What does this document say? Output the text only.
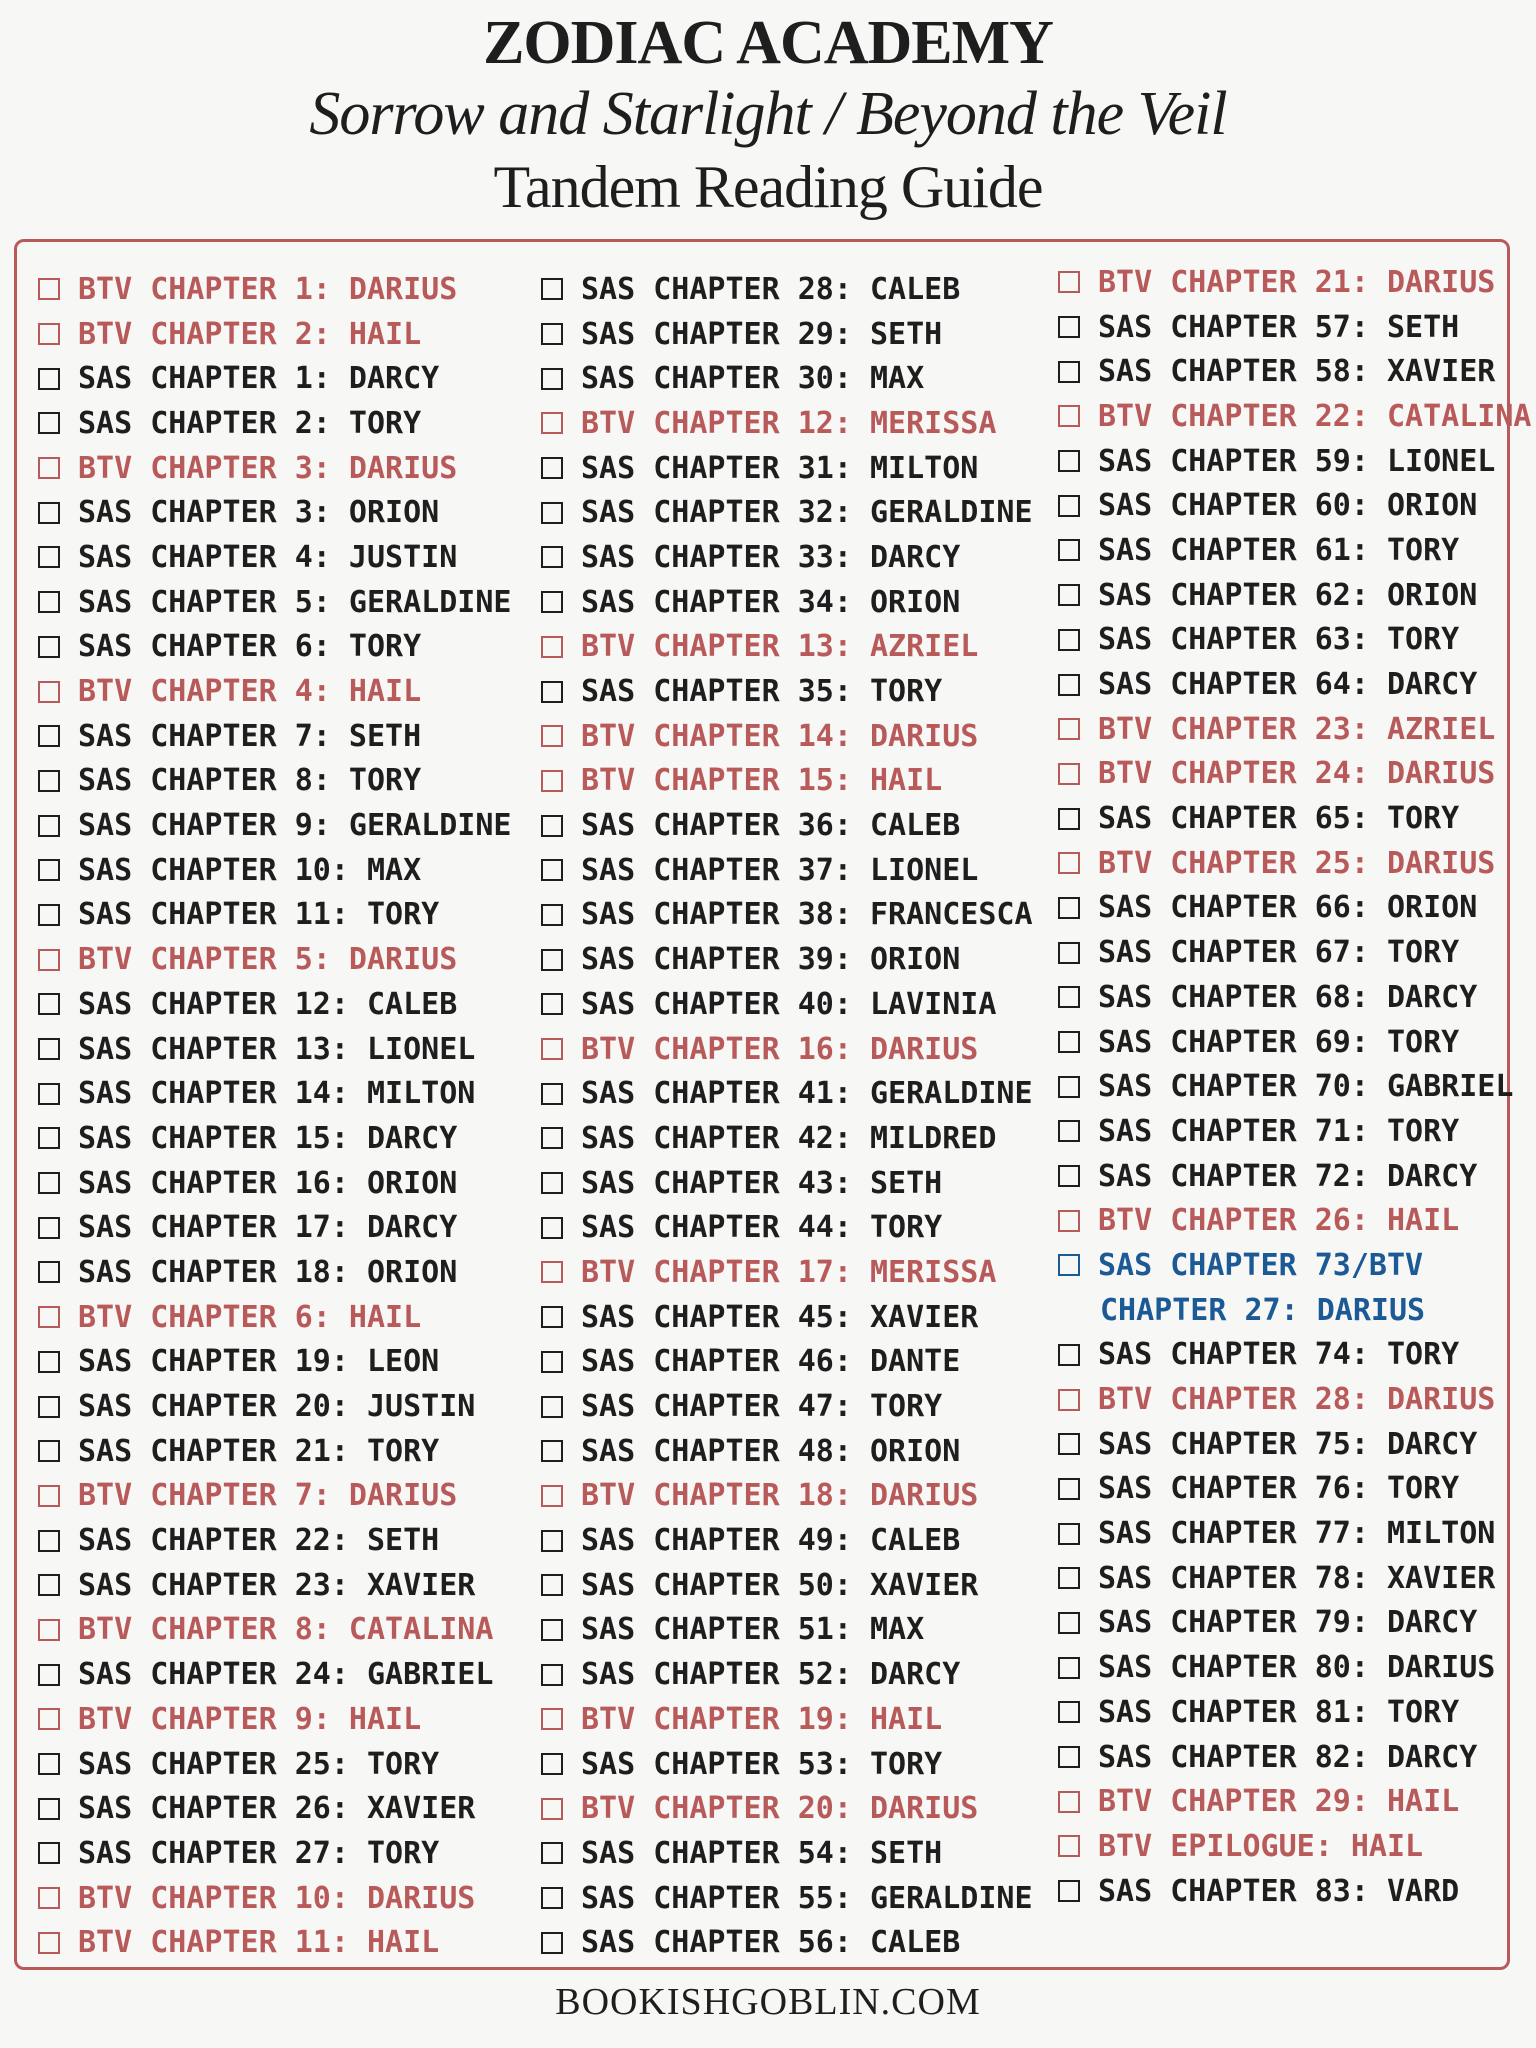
ZODIAC ACADEMY
Sorrow and Starlight / Beyond the Veil
Tandem Reading Guide
BTV CHAPTER 1: DARIUS
BTV CHAPTER 2: HAIL
SAS CHAPTER 1: DARCY
SAS CHAPTER 2: TORY
BTV CHAPTER 3: DARIUS
SAS CHAPTER 3: ORION
SAS CHAPTER 4: JUSTIN
SAS CHAPTER 5: GERALDINE
SAS CHAPTER 6: TORY
BTV CHAPTER 4: HAIL
SAS CHAPTER 7: SETH
SAS CHAPTER 8: TORY
SAS CHAPTER 9: GERALDINE
SAS CHAPTER 10: MAX
SAS CHAPTER 11: TORY
BTV CHAPTER 5: DARIUS
SAS CHAPTER 12: CALEB
SAS CHAPTER 13: LIONEL
SAS CHAPTER 14: MILTON
SAS CHAPTER 15: DARCY
SAS CHAPTER 16: ORION
SAS CHAPTER 17: DARCY
SAS CHAPTER 18: ORION
BTV CHAPTER 6: HAIL
SAS CHAPTER 19: LEON
SAS CHAPTER 20: JUSTIN
SAS CHAPTER 21: TORY
BTV CHAPTER 7: DARIUS
SAS CHAPTER 22: SETH
SAS CHAPTER 23: XAVIER
BTV CHAPTER 8: CATALINA
SAS CHAPTER 24: GABRIEL
BTV CHAPTER 9: HAIL
SAS CHAPTER 25: TORY
SAS CHAPTER 26: XAVIER
SAS CHAPTER 27: TORY
BTV CHAPTER 10: DARIUS
BTV CHAPTER 11: HAIL
SAS CHAPTER 28: CALEB
SAS CHAPTER 29: SETH
SAS CHAPTER 30: MAX
BTV CHAPTER 12: MERISSA
SAS CHAPTER 31: MILTON
SAS CHAPTER 32: GERALDINE
SAS CHAPTER 33: DARCY
SAS CHAPTER 34: ORION
BTV CHAPTER 13: AZRIEL
SAS CHAPTER 35: TORY
BTV CHAPTER 14: DARIUS
BTV CHAPTER 15: HAIL
SAS CHAPTER 36: CALEB
SAS CHAPTER 37: LIONEL
SAS CHAPTER 38: FRANCESCA
SAS CHAPTER 39: ORION
SAS CHAPTER 40: LAVINIA
BTV CHAPTER 16: DARIUS
SAS CHAPTER 41: GERALDINE
SAS CHAPTER 42: MILDRED
SAS CHAPTER 43: SETH
SAS CHAPTER 44: TORY
BTV CHAPTER 17: MERISSA
SAS CHAPTER 45: XAVIER
SAS CHAPTER 46: DANTE
SAS CHAPTER 47: TORY
SAS CHAPTER 48: ORION
BTV CHAPTER 18: DARIUS
SAS CHAPTER 49: CALEB
SAS CHAPTER 50: XAVIER
SAS CHAPTER 51: MAX
SAS CHAPTER 52: DARCY
BTV CHAPTER 19: HAIL
SAS CHAPTER 53: TORY
BTV CHAPTER 20: DARIUS
SAS CHAPTER 54: SETH
SAS CHAPTER 55: GERALDINE
SAS CHAPTER 56: CALEB
BTV CHAPTER 21: DARIUS
SAS CHAPTER 57: SETH
SAS CHAPTER 58: XAVIER
BTV CHAPTER 22: CATALINA
SAS CHAPTER 59: LIONEL
SAS CHAPTER 60: ORION
SAS CHAPTER 61: TORY
SAS CHAPTER 62: ORION
SAS CHAPTER 63: TORY
SAS CHAPTER 64: DARCY
BTV CHAPTER 23: AZRIEL
BTV CHAPTER 24: DARIUS
SAS CHAPTER 65: TORY
BTV CHAPTER 25: DARIUS
SAS CHAPTER 66: ORION
SAS CHAPTER 67: TORY
SAS CHAPTER 68: DARCY
SAS CHAPTER 69: TORY
SAS CHAPTER 70: GABRIEL
SAS CHAPTER 71: TORY
SAS CHAPTER 72: DARCY
BTV CHAPTER 26: HAIL
SAS CHAPTER 73/BTV
CHAPTER 27: DARIUS
SAS CHAPTER 74: TORY
BTV CHAPTER 28: DARIUS
SAS CHAPTER 75: DARCY
SAS CHAPTER 76: TORY
SAS CHAPTER 77: MILTON
SAS CHAPTER 78: XAVIER
SAS CHAPTER 79: DARCY
SAS CHAPTER 80: DARIUS
SAS CHAPTER 81: TORY
SAS CHAPTER 82: DARCY
BTV CHAPTER 29: HAIL
BTV EPILOGUE: HAIL
SAS CHAPTER 83: VARD
BOOKISHGOBLIN.COM
